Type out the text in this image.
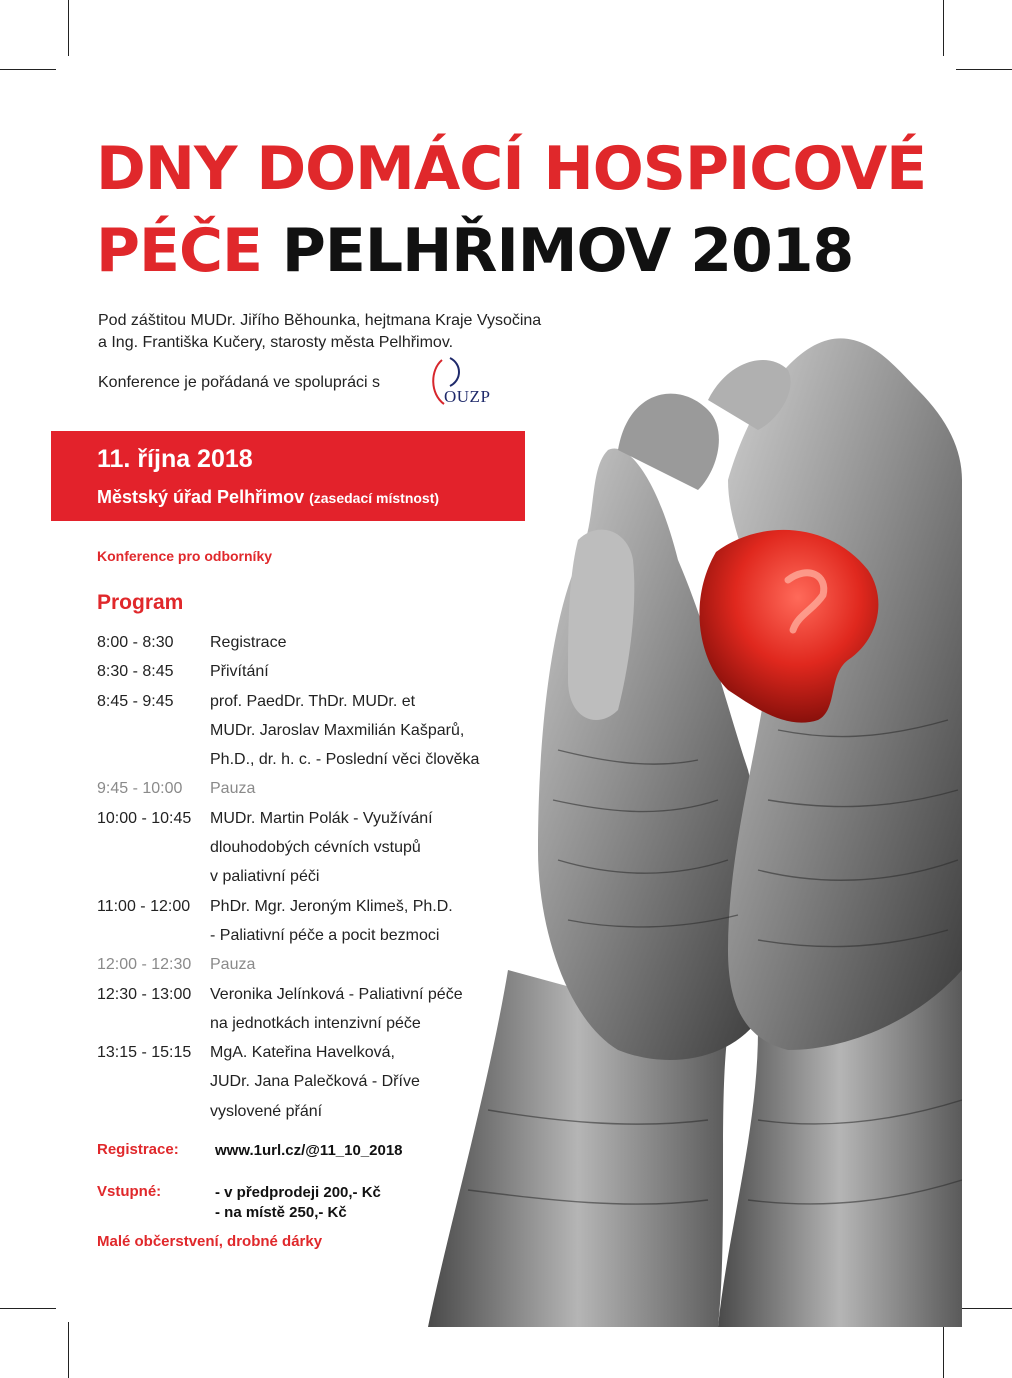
DNY DOMÁCÍ HOSPICOVÉ
PÉČE PELHŘIMOV 2018
Pod záštitou MUDr. Jiřího Běhounka, hejtmana Kraje Vysočina
a Ing. Františka Kučery, starosty města Pelhřimov.
Konference je pořádaná ve spolupráci s
OUZP
11. října 2018
Městský úřad Pelhřimov (zasedací místnost)
Konference pro odborníky
Program
8:00 - 8:30	Registrace
8:30 - 8:45	Přivítání
8:45 - 9:45	prof. PaedDr. ThDr. MUDr. et
MUDr. Jaroslav Maxmilián Kašparů,
Ph.D., dr. h. c. - Poslední věci člověka
9:45 - 10:00	Pauza
10:00 - 10:45	MUDr. Martin Polák - Využívání
dlouhodobých cévních vstupů
v paliativní péči
11:00 - 12:00	PhDr. Mgr. Jeroným Klimeš, Ph.D.
- Paliativní péče a pocit bezmoci
12:00 - 12:30	Pauza
12:30 - 13:00	Veronika Jelínková - Paliativní péče
na jednotkách intenzivní péče
13:15 - 15:15	MgA. Kateřina Havelková,
JUDr. Jana Palečková - Dříve
vyslovené přání
Registrace: www.1url.cz/@11_10_2018
Vstupné:	- v předprodeji 200,- Kč
- na místě 250,- Kč
Malé občerstvení, drobné dárky
